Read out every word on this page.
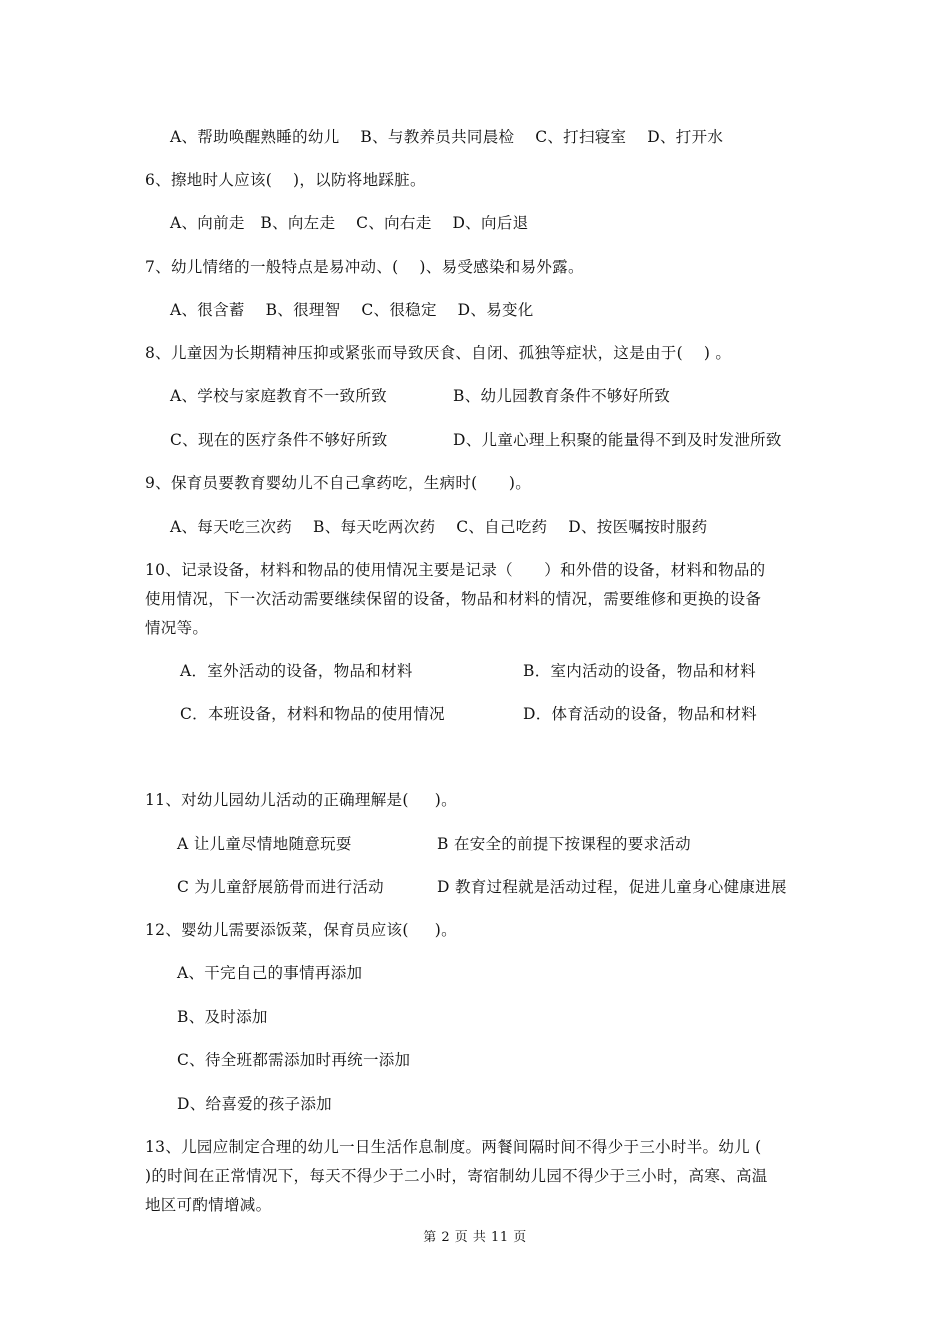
A、帮助唤醒熟睡的幼儿    B、与教养员共同晨检    C、打扫寝室    D、打开水
6、擦地时人应该(    )，以防将地踩脏。
A、向前走   B、向左走    C、向右走    D、向后退
7、幼儿情绪的一般特点是易冲动、(    )、易受感染和易外露。
A、很含蓄    B、很理智    C、很稳定    D、易变化
8、儿童因为长期精神压抑或紧张而导致厌食、自闭、孤独等症状，这是由于(    ) 。
A、学校与家庭教育不一致所致	B、幼儿园教育条件不够好所致
C、现在的医疗条件不够好所致	D、儿童心理上积聚的能量得不到及时发泄所致
9、保育员要教育婴幼儿不自己拿药吃，生病时(      )。
A、每天吃三次药    B、每天吃两次药    C、自己吃药    D、按医嘱按时服药
10、记录设备，材料和物品的使用情况主要是记录（      ）和外借的设备，材料和物品的
使用情况，下一次活动需要继续保留的设备，物品和材料的情况，需要维修和更换的设备
情况等。
A．室外活动的设备，物品和材料	B．室内活动的设备，物品和材料
C．本班设备，材料和物品的使用情况	D．体育活动的设备，物品和材料
11、对幼儿园幼儿活动的正确理解是(     )。
A 让儿童尽情地随意玩耍	B 在安全的前提下按课程的要求活动
C 为儿童舒展筋骨而进行活动	D 教育过程就是活动过程，促进儿童身心健康进展
12、婴幼儿需要添饭菜，保育员应该(     )。
A、干完自己的事情再添加
B、及时添加
C、待全班都需添加时再统一添加
D、给喜爱的孩子添加
13、儿园应制定合理的幼儿一日生活作息制度。两餐间隔时间不得少于三小时半。幼儿 (
)的时间在正常情况下，每天不得少于二小时，寄宿制幼儿园不得少于三小时，高寒、高温
地区可酌情增减。
第 2 页 共 11 页
